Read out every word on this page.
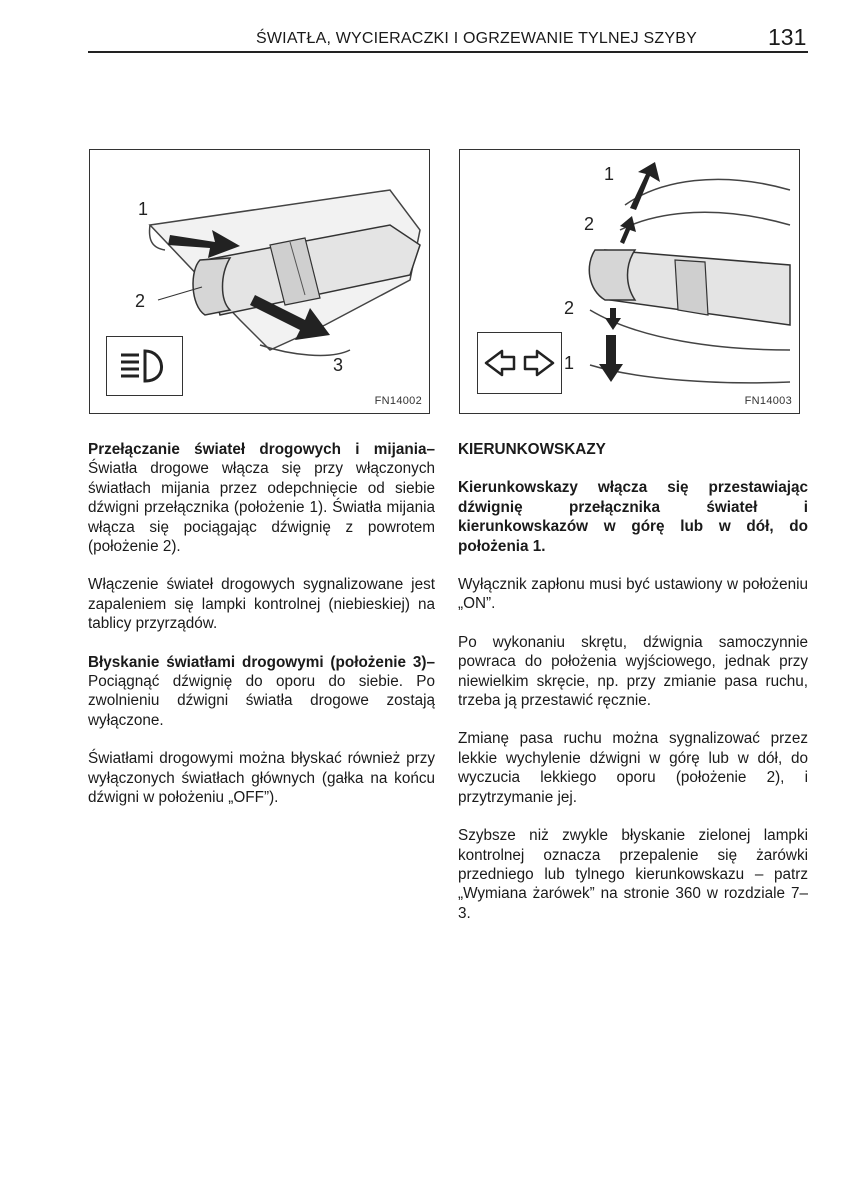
ŚWIATŁA, WYCIERACZKI I OGRZEWANIE TYLNEJ SZYBY	131
1
2
3
FN14002
1
2
2
1
FN14003

Przełączanie świateł drogowych i mijania– Światła drogowe włącza się przy włączonych światłach mijania przez odepchnięcie od siebie dźwigni przełącznika (położenie 1). Światła mijania włącza się pociągając dźwignię z powrotem (położenie 2).

Włączenie świateł drogowych sygnalizowane jest zapaleniem się lampki kontrolnej (niebieskiej) na tablicy przyrządów.

Błyskanie światłami drogowymi (położenie 3)– Pociągnąć dźwignię do oporu do siebie. Po zwolnieniu dźwigni światła drogowe zostają wyłączone.

Światłami drogowymi można błyskać również przy wyłączonych światłach głównych (gałka na końcu dźwigni w położeniu „OFF”).

KIERUNKOWSKAZY

Kierunkowskazy włącza się przestawiając dźwignię przełącznika świateł i kierunkowskazów w górę lub w dół, do położenia 1.

Wyłącznik zapłonu musi być ustawiony w położeniu „ON”.

Po wykonaniu skrętu, dźwignia samoczynnie powraca do położenia wyjściowego, jednak przy niewielkim skręcie, np. przy zmianie pasa ruchu, trzeba ją przestawić ręcznie.

Zmianę pasa ruchu można sygnalizować przez lekkie wychylenie dźwigni w górę lub w dół, do wyczucia lekkiego oporu (położenie 2), i przytrzymanie jej.

Szybsze niż zwykle błyskanie zielonej lampki kontrolnej oznacza przepalenie się żarówki przedniego lub tylnego kierunkowskazu – patrz „Wymiana żarówek” na stronie 360 w rozdziale 7–3.
